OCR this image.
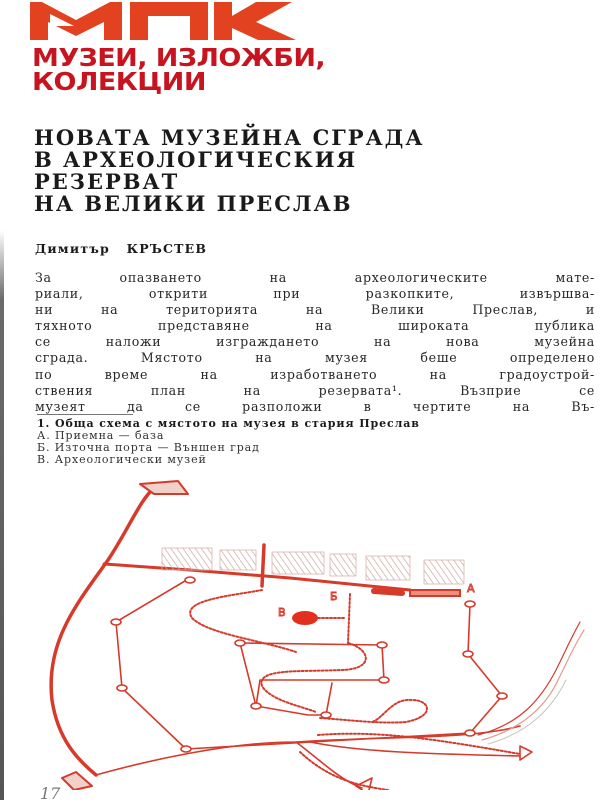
МУЗЕИ, ИЗЛОЖБИ,
КОЛЕКЦИИ
НОВАТА МУЗЕЙНА СГРАДА
В АРХЕОЛОГИЧЕСКИЯ
РЕЗЕРВАТ
НА ВЕЛИКИ ПРЕСЛАВ
Димитър   КРЪСТЕВ
За опазването на археологическите мате-
риали, открити при разкопките, извършва-
ни на територията на Велики Преслав, и
тяхното представяне на широката публика
се наложи изграждането на нова музейна
сграда. Мястото на музея беше определено
по време на изработването на градоустрой-
ствения план на резервата¹. Възприе се
музеят да се разположи в чертите на Въ-
1. Обща схема с мястото на музея в стария Преслав
А. Приемна — база
Б. Източна порта — Външен град
В. Археологически музей
А
Б
В
17
